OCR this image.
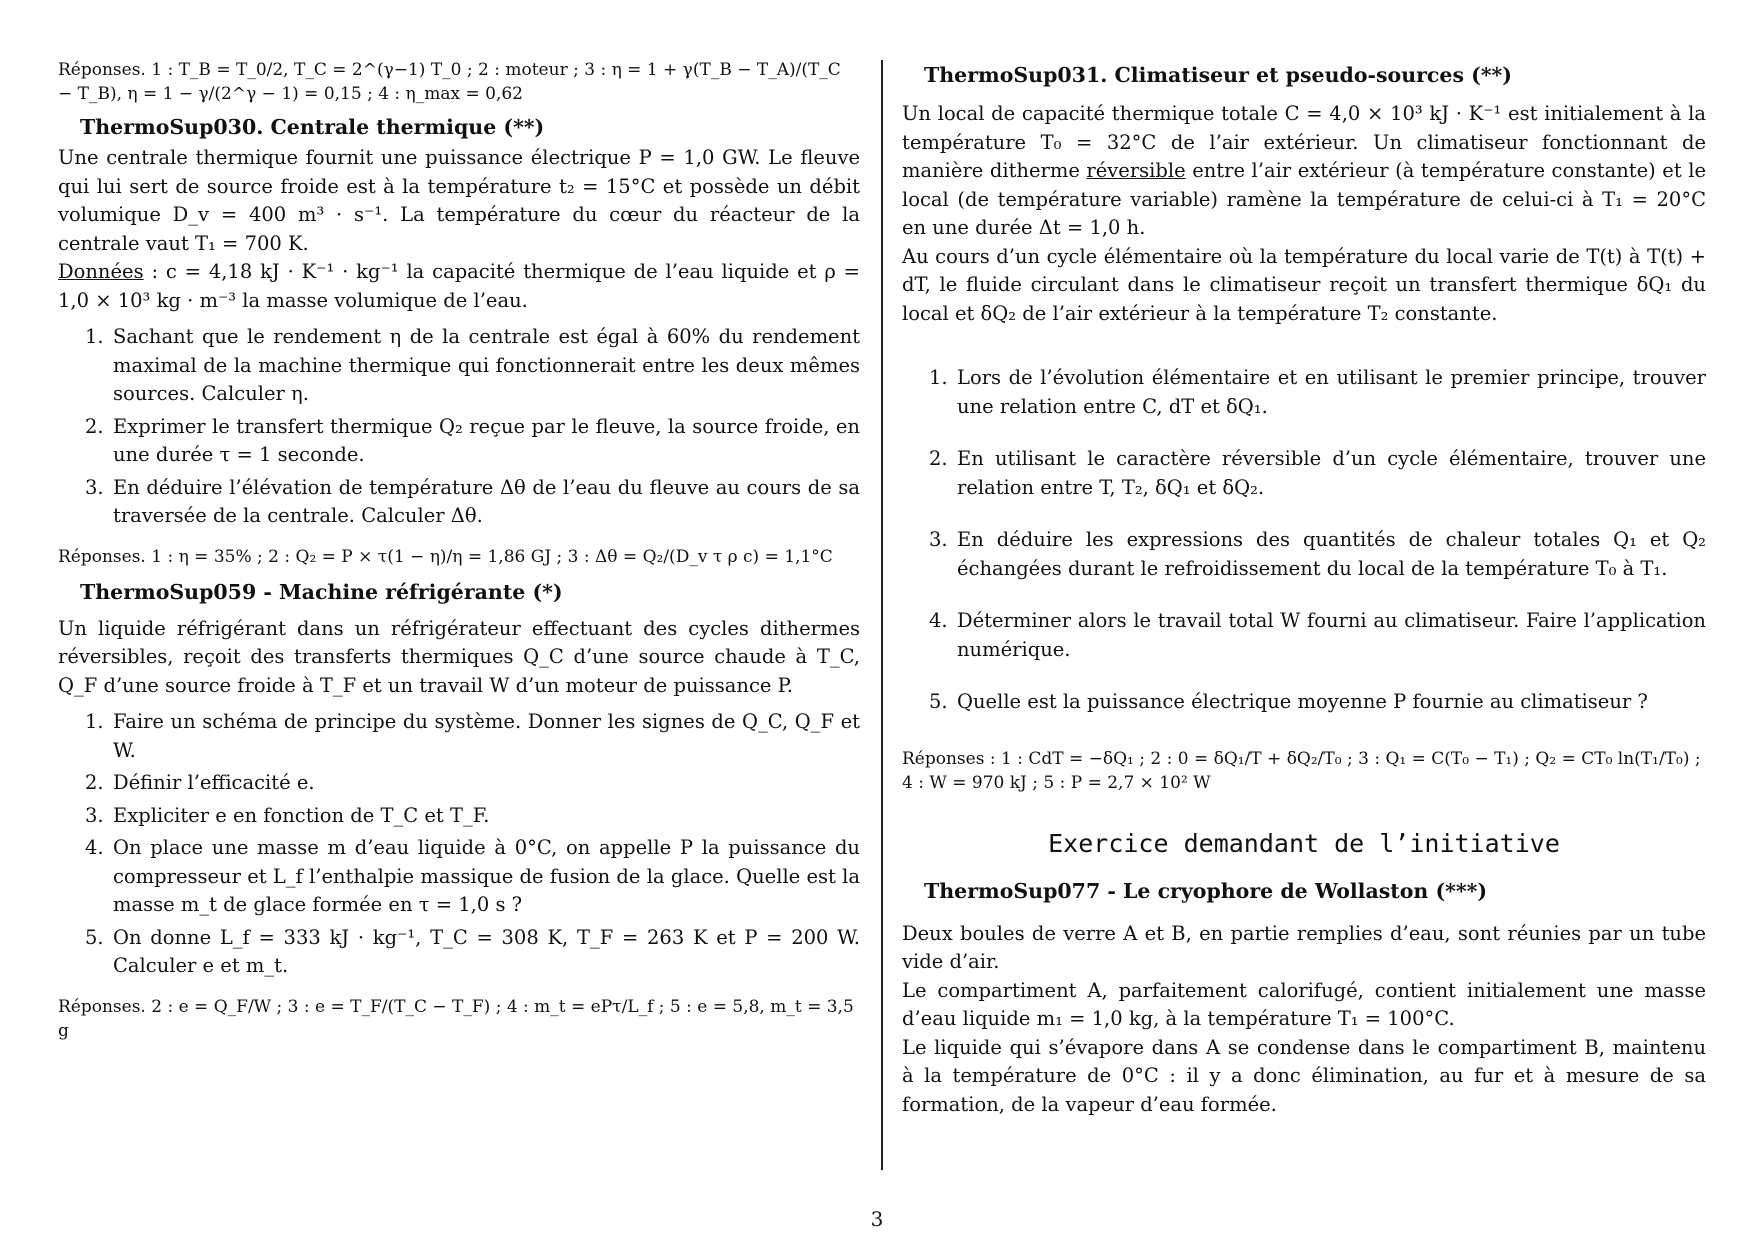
Réponses. 1 : T_B = T_0/2, T_C = 2^(γ−1) T_0 ; 2 : moteur ; 3 : η = 1 + γ(T_B − T_A)/(T_C − T_B), η = 1 − γ/(2^γ − 1) = 0,15 ; 4 : η_max = 0,62

ThermoSup030. Centrale thermique (**)

Une centrale thermique fournit une puissance électrique P = 1,0 GW. Le fleuve qui lui sert de source froide est à la température t₂ = 15°C et possède un débit volumique D_v = 400 m³ · s⁻¹. La température du cœur du réacteur de la centrale vaut T₁ = 700 K.

Données : c = 4,18 kJ · K⁻¹ · kg⁻¹ la capacité thermique de l’eau liquide et ρ = 1,0 × 10³ kg · m⁻³ la masse volumique de l’eau.

1. Sachant que le rendement η de la centrale est égal à 60% du rendement maximal de la machine thermique qui fonctionnerait entre les deux mêmes sources. Calculer η.
2. Exprimer le transfert thermique Q₂ reçue par le fleuve, la source froide, en une durée τ = 1 seconde.
3. En déduire l’élévation de température Δθ de l’eau du fleuve au cours de sa traversée de la centrale. Calculer Δθ.

Réponses. 1 : η = 35% ; 2 : Q₂ = P × τ(1 − η)/η = 1,86 GJ ; 3 : Δθ = Q₂/(D_v τ ρ c) = 1,1°C

ThermoSup059 - Machine réfrigérante (*)

Un liquide réfrigérant dans un réfrigérateur effectuant des cycles dithermes réversibles, reçoit des transferts thermiques Q_C d’une source chaude à T_C, Q_F d’une source froide à T_F et un travail W d’un moteur de puissance P.

1. Faire un schéma de principe du système. Donner les signes de Q_C, Q_F et W.
2. Définir l’efficacité e.
3. Expliciter e en fonction de T_C et T_F.
4. On place une masse m d’eau liquide à 0°C, on appelle P la puissance du compresseur et L_f l’enthalpie massique de fusion de la glace. Quelle est la masse m_t de glace formée en τ = 1,0 s ?
5. On donne L_f = 333 kJ · kg⁻¹, T_C = 308 K, T_F = 263 K et P = 200 W. Calculer e et m_t.

Réponses. 2 : e = Q_F/W ; 3 : e = T_F/(T_C − T_F) ; 4 : m_t = ePτ/L_f ; 5 : e = 5,8, m_t = 3,5 g

ThermoSup031. Climatiseur et pseudo-sources (**)

Un local de capacité thermique totale C = 4,0 × 10³ kJ · K⁻¹ est initialement à la température T₀ = 32°C de l’air extérieur. Un climatiseur fonctionnant de manière ditherme réversible entre l’air extérieur (à température constante) et le local (de température variable) ramène la température de celui-ci à T₁ = 20°C en une durée Δt = 1,0 h.

Au cours d’un cycle élémentaire où la température du local varie de T(t) à T(t) + dT, le fluide circulant dans le climatiseur reçoit un transfert thermique δQ₁ du local et δQ₂ de l’air extérieur à la température T₂ constante.

1. Lors de l’évolution élémentaire et en utilisant le premier principe, trouver une relation entre C, dT et δQ₁.
2. En utilisant le caractère réversible d’un cycle élémentaire, trouver une relation entre T, T₂, δQ₁ et δQ₂.
3. En déduire les expressions des quantités de chaleur totales Q₁ et Q₂ échangées durant le refroidissement du local de la température T₀ à T₁.
4. Déterminer alors le travail total W fourni au climatiseur. Faire l’application numérique.
5. Quelle est la puissance électrique moyenne P fournie au climatiseur ?

Réponses : 1 : CdT = −δQ₁ ; 2 : 0 = δQ₁/T + δQ₂/T₀ ; 3 : Q₁ = C(T₀ − T₁) ; Q₂ = CT₀ ln(T₁/T₀) ; 4 : W = 970 kJ ; 5 : P = 2,7 × 10² W

Exercice demandant de l’initiative
ThermoSup077 - Le cryophore de Wollaston (***)

Deux boules de verre A et B, en partie remplies d’eau, sont réunies par un tube vide d’air.

Le compartiment A, parfaitement calorifugé, contient initialement une masse d’eau liquide m₁ = 1,0 kg, à la température T₁ = 100°C.

Le liquide qui s’évapore dans A se condense dans le compartiment B, maintenu à la température de 0°C : il y a donc élimination, au fur et à mesure de sa formation, de la vapeur d’eau formée.

3
